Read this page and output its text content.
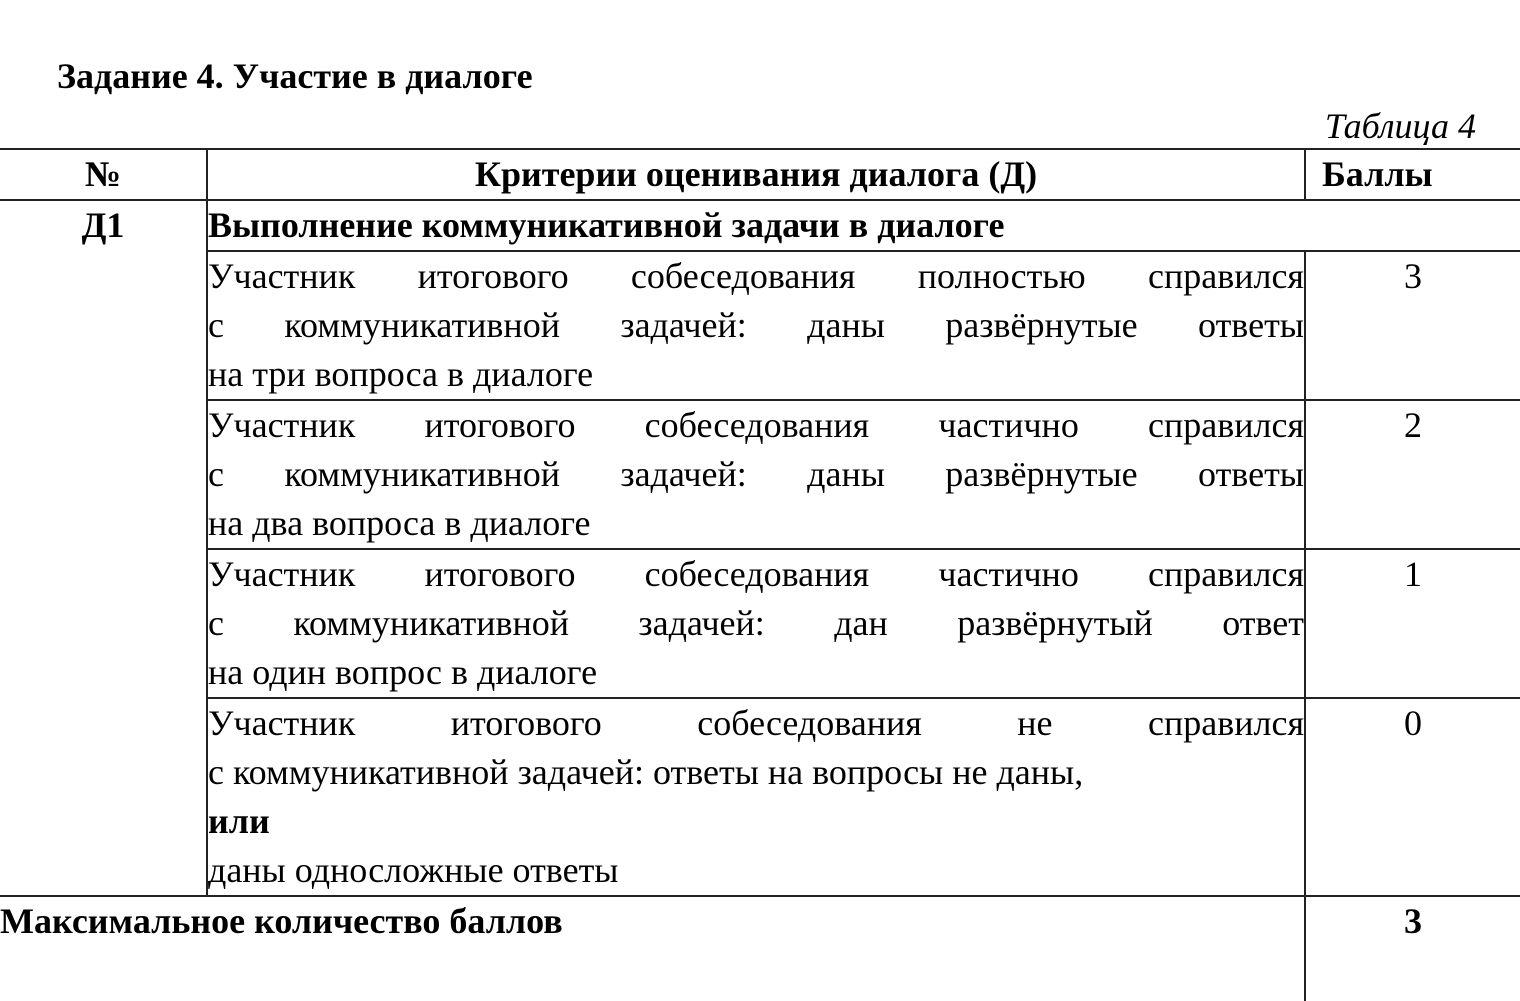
Задание 4. Участие в диалоге
Таблица 4
№	Критерии оценивания диалога (Д)	Баллы
Д1	Выполнение коммуникативной задачи в диалоге	

	Участник итогового собеседования полностью справился
с коммуникативной задачей: даны развёрнутые ответы
на три вопроса в диалоге	3

	Участник итогового собеседования частично справился
с коммуникативной задачей: даны развёрнутые ответы
на два вопроса в диалоге	2

	Участник итогового собеседования частично справился
с коммуникативной задачей: дан развёрнутый ответ
на один вопрос в диалоге	1

	Участник итогового собеседования не справился
с коммуникативной задачей: ответы на вопросы не даны,
или
даны односложные ответы	0
Максимальное количество баллов		3
